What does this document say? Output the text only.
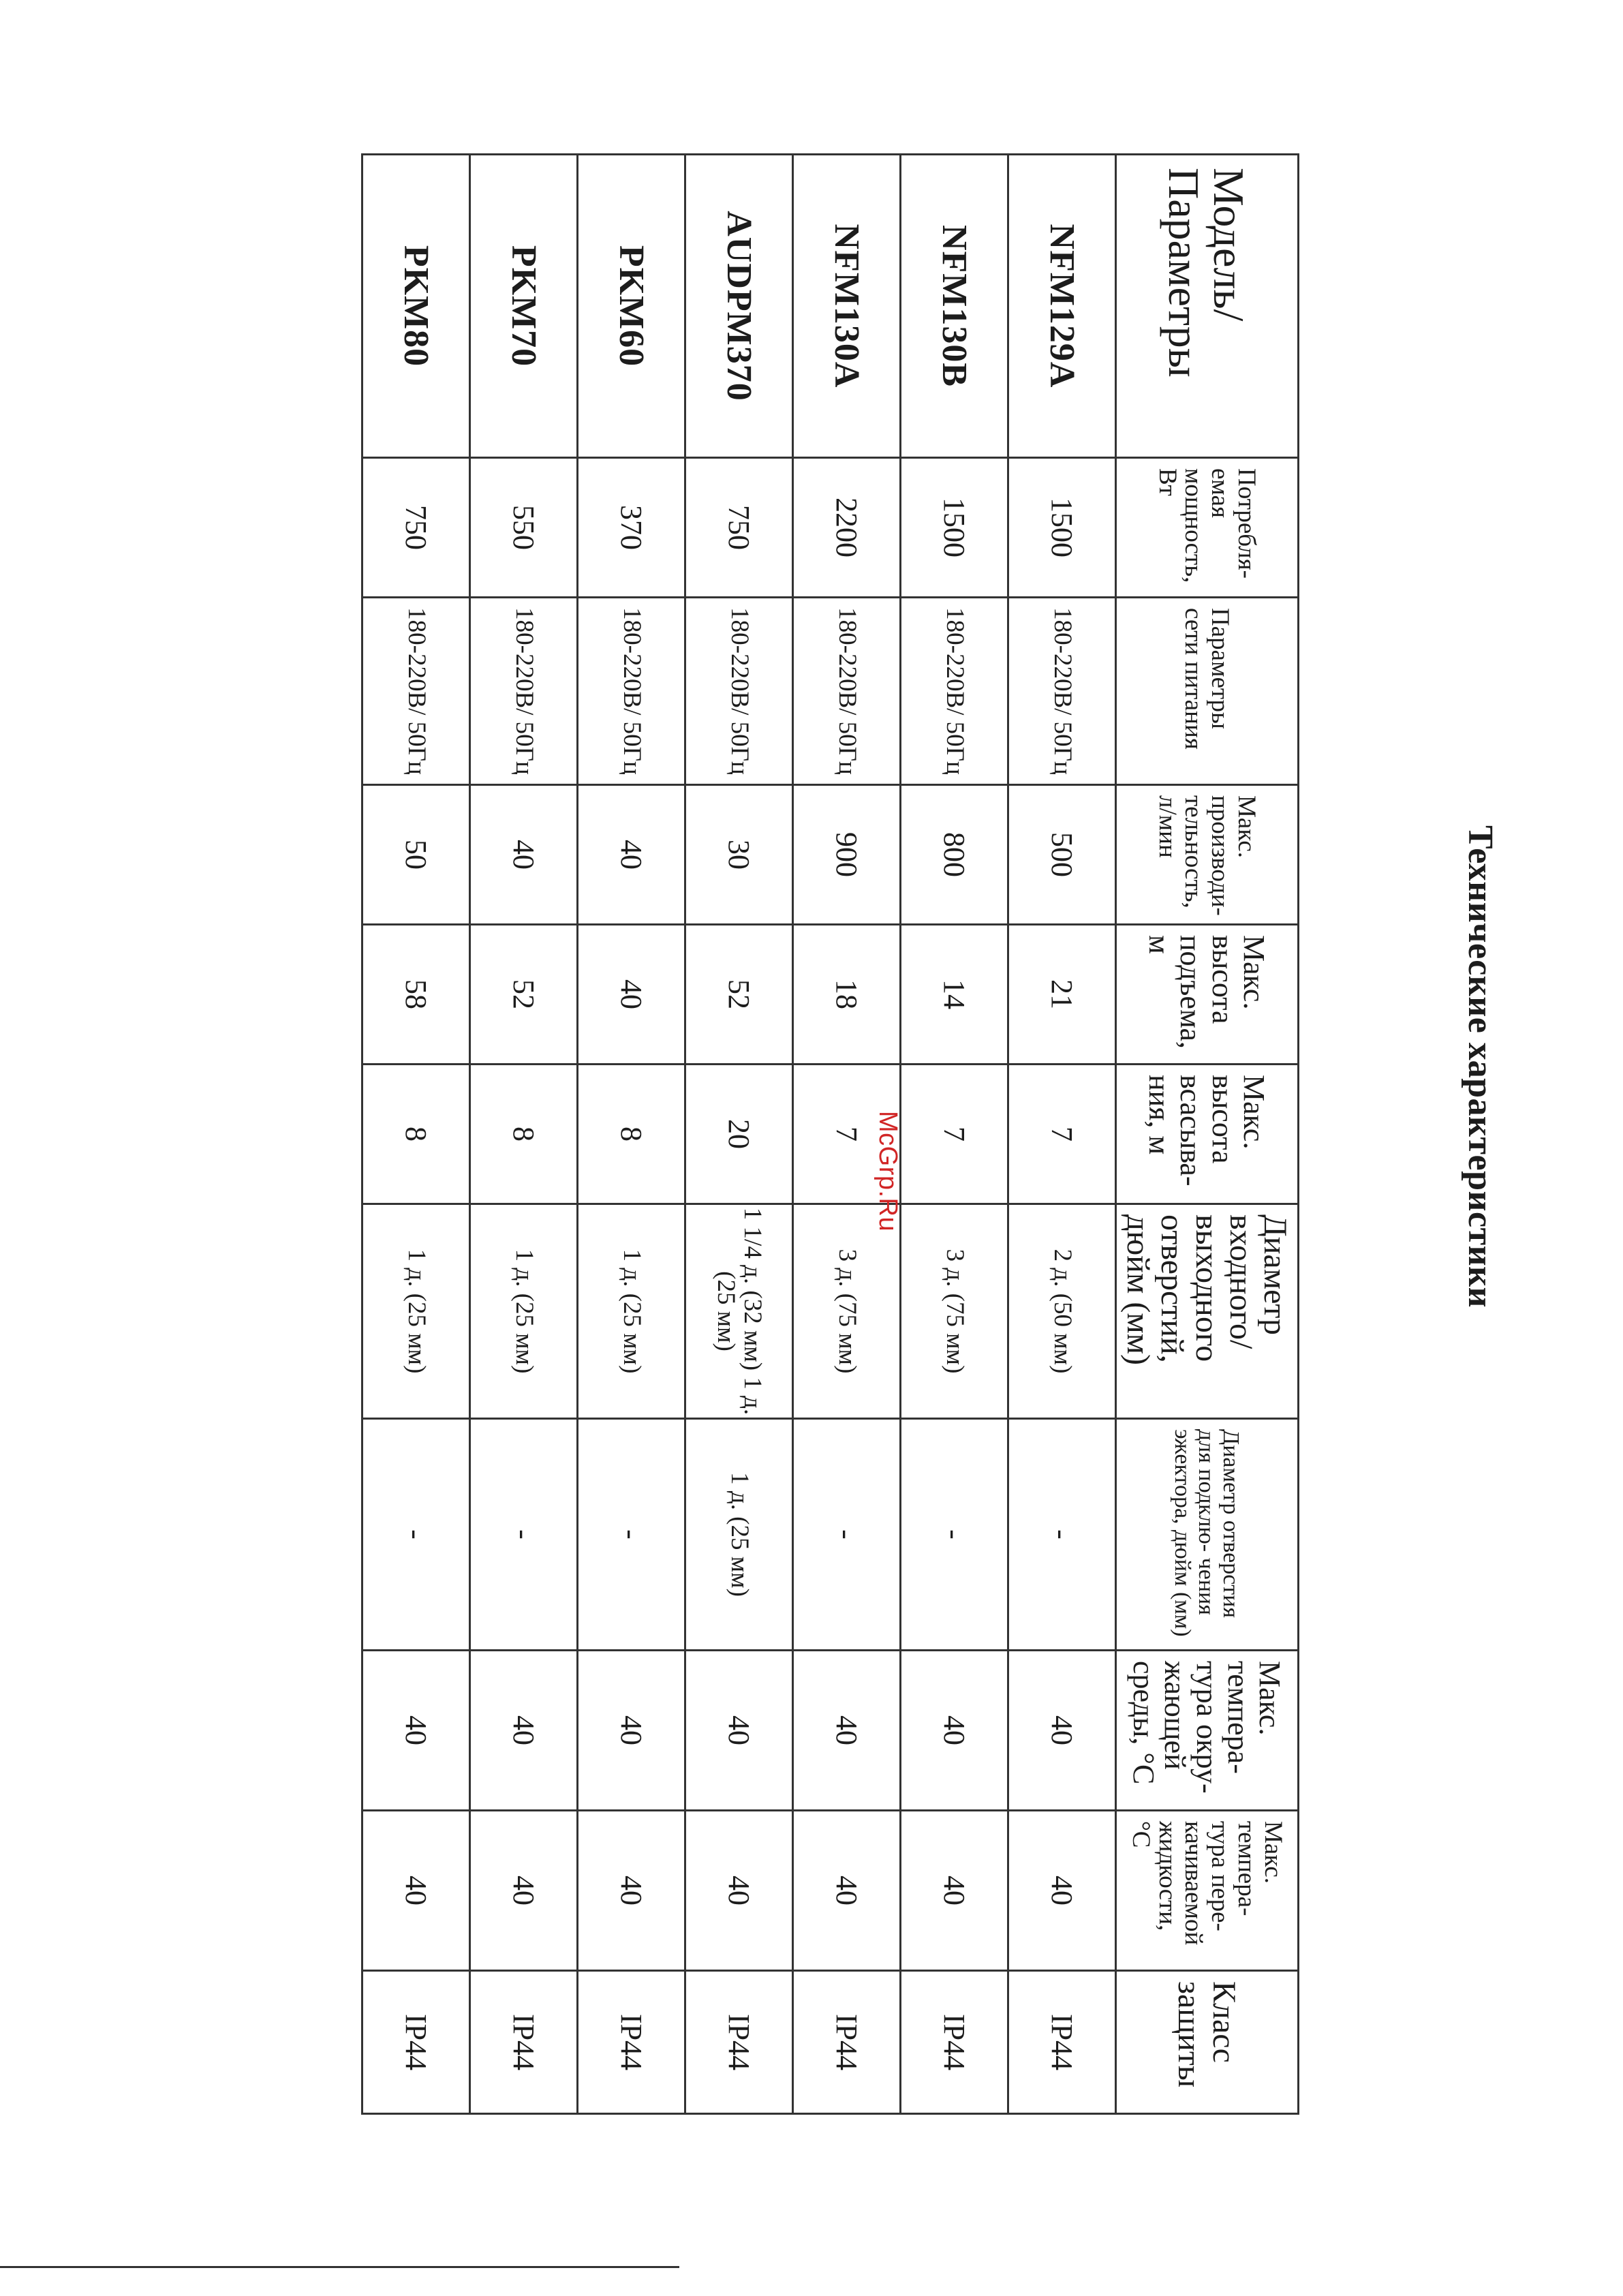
Технические характеристики
Модель/ Параметры	Потребля- емая мощность, Вт	Параметры сети питания	Макс. производи- тельность, л/мин	Макс. высота подъема, м	Макс. высота всасыва- ния, м	Диаметр входного/ выходного отверстий, дюйм (мм)	Диаметр отверстия для подклю- чения эжектора, дюйм (мм)	Макс. темпера- тура окру- жающей среды, °C	Макс. темпера- тура пере- качиваемой жидкости, °C	Класс защиты
NFM129A	1500	180-220В/ 50Гц	500	21	7	2 д. (50 мм)	-	40	40	IP44
NFM130B	1500	180-220В/ 50Гц	800	14	7	3 д. (75 мм)	-	40	40	IP44
NFM130A	2200	180-220В/ 50Гц	900	18	7	3 д. (75 мм)	-	40	40	IP44
AUDPM370	750	180-220В/ 50Гц	30	52	20	1 1/4 д. (32 мм) 1 д. (25 мм)	1 д. (25 мм)	40	40	IP44
PKM60	370	180-220В/ 50Гц	40	40	8	1 д. (25 мм)	-	40	40	IP44
PKM70	550	180-220В/ 50Гц	40	52	8	1 д. (25 мм)	-	40	40	IP44
PKM80	750	180-220В/ 50Гц	50	58	8	1 д. (25 мм)	-	40	40	IP44

McGrp.Ru
